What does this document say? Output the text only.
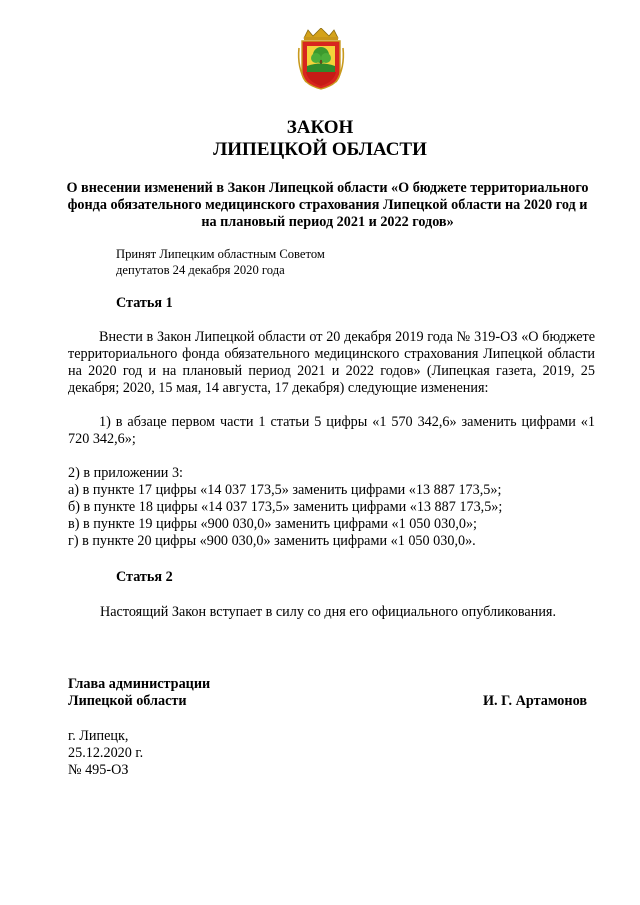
ЗАКОН
ЛИПЕЦКОЙ ОБЛАСТИ
О внесении изменений в Закон Липецкой области «О бюджете территориального фонда обязательного медицинского страхования Липецкой области на 2020 год и на плановый период 2021 и 2022 годов»
Принят Липецким областным Советом
депутатов 24 декабря 2020 года
Статья 1
Внести в Закон Липецкой области от 20 декабря 2019 года № 319-ОЗ «О бюджете территориального фонда обязательного медицинского страхования Липецкой области на 2020 год и на плановый период 2021 и 2022 годов» (Липецкая газета, 2019, 25 декабря; 2020, 15 мая, 14 августа, 17 декабря) следующие изменения:
1) в абзаце первом части 1 статьи 5 цифры «1 570 342,6» заменить цифрами «1 720 342,6»;
2) в приложении 3:
а) в пункте 17 цифры «14 037 173,5» заменить цифрами «13 887 173,5»;
б) в пункте 18 цифры «14 037 173,5» заменить цифрами «13 887 173,5»;
в) в пункте 19 цифры «900 030,0» заменить цифрами «1 050 030,0»;
г) в пункте 20 цифры «900 030,0» заменить цифрами «1 050 030,0».
Статья 2
Настоящий Закон вступает в силу со дня его официального опубликования.
Глава администрации
Липецкой области	И. Г. Артамонов
г. Липецк,
25.12.2020 г.
№ 495-ОЗ
